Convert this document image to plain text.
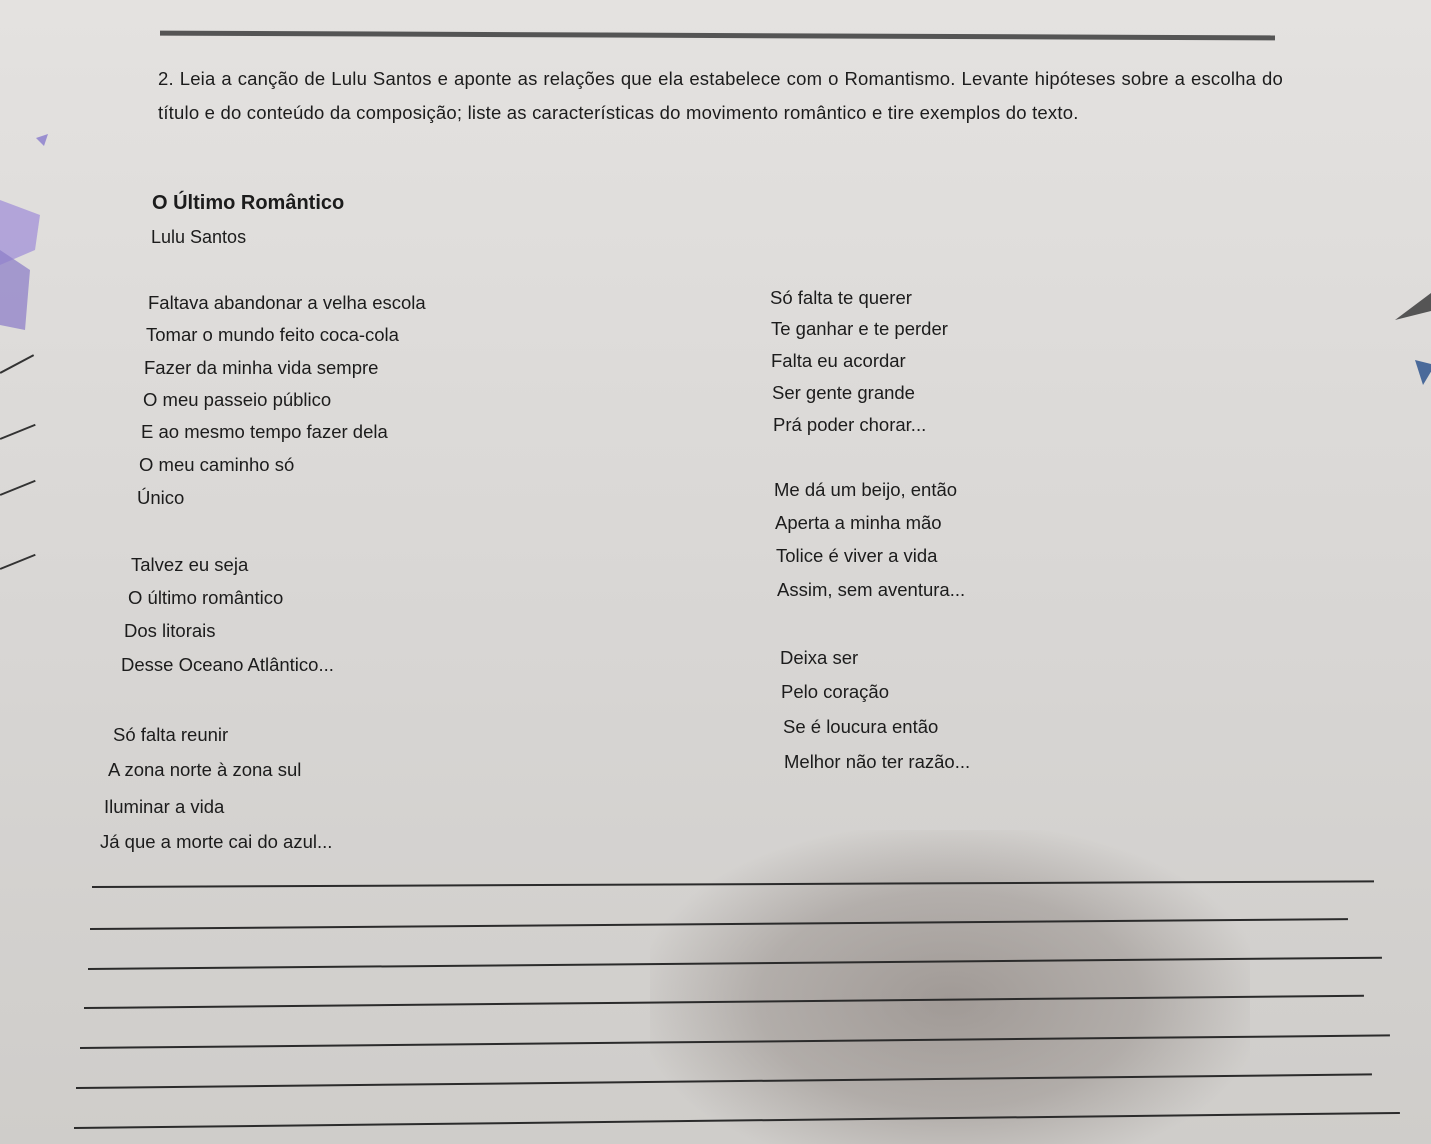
2. Leia a canção de Lulu Santos e aponte as relações que ela estabelece com o Romantismo. Levante hipóteses sobre a escolha do título e do conteúdo da composição; liste as características do movimento romântico e tire exemplos do texto.
O Último Romântico
Lulu Santos
Faltava abandonar a velha escola
Tomar o mundo feito coca-cola
Fazer da minha vida sempre
O meu passeio público
E ao mesmo tempo fazer dela
O meu caminho só
Único
Talvez eu seja
O último romântico
Dos litorais
Desse Oceano Atlântico...
Só falta reunir
A zona norte à zona sul
Iluminar a vida
Já que a morte cai do azul...
Só falta te querer
Te ganhar e te perder
Falta eu acordar
Ser gente grande
Prá poder chorar...
Me dá um beijo, então
Aperta a minha mão
Tolice é viver a vida
Assim, sem aventura...
Deixa ser
Pelo coração
Se é loucura então
Melhor não ter razão...
